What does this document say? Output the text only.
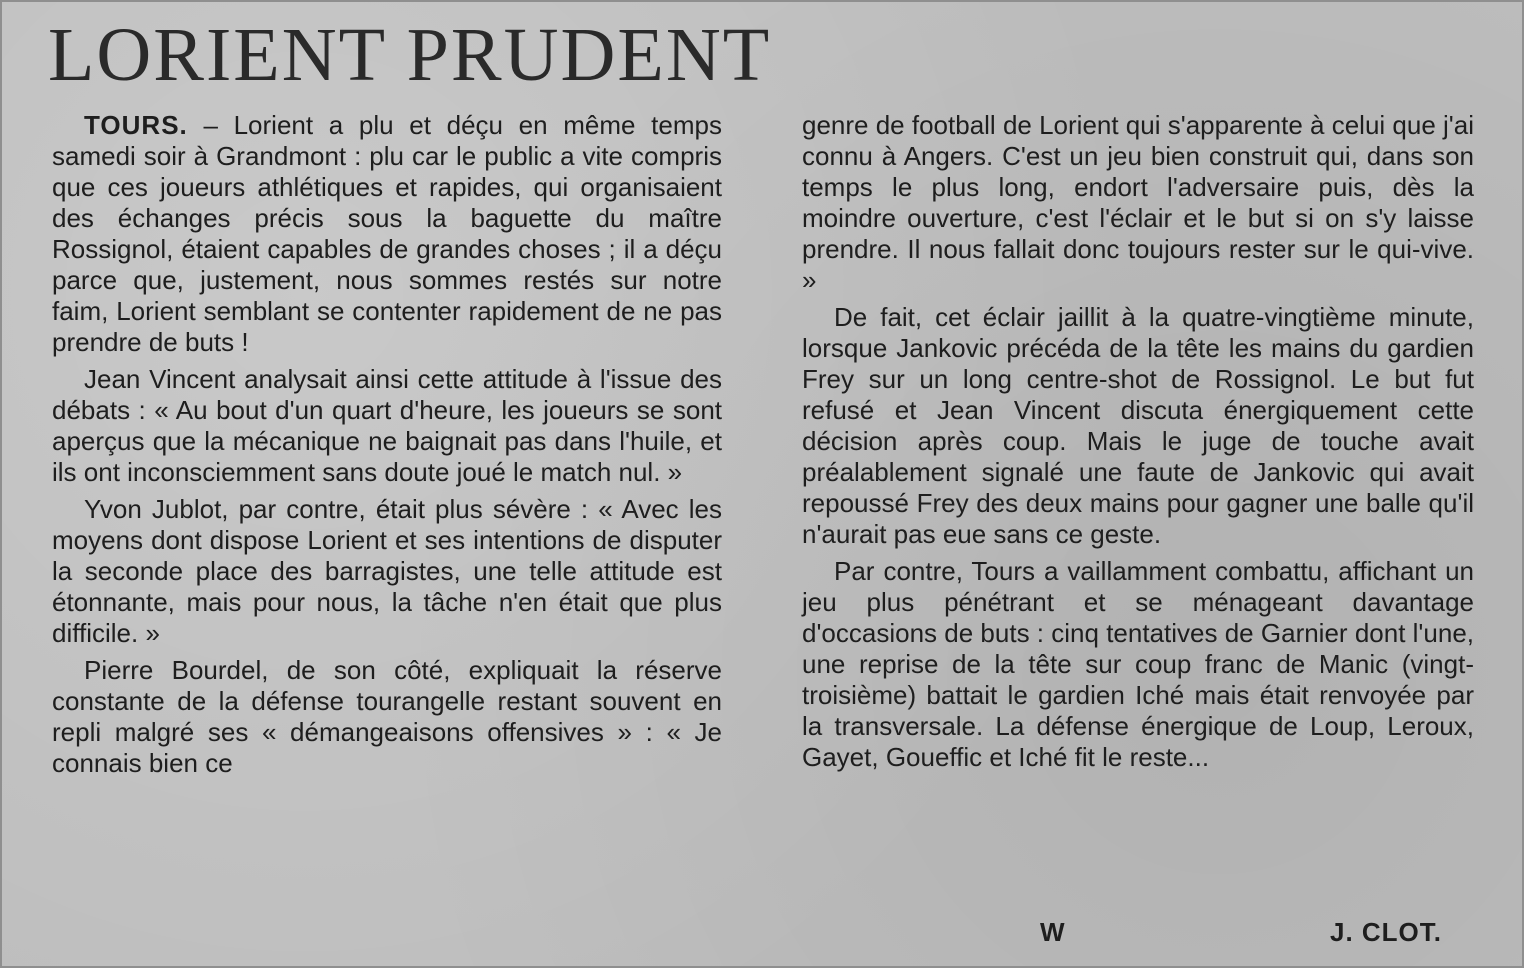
LORIENT PRUDENT

TOURS. – Lorient a plu et déçu en même temps samedi soir à Grandmont : plu car le public a vite compris que ces joueurs athlétiques et rapides, qui organisaient des échanges précis sous la baguette du maître Rossignol, étaient capables de grandes choses ; il a déçu parce que, justement, nous sommes restés sur notre faim, Lorient semblant se contenter rapidement de ne pas prendre de buts !

Jean Vincent analysait ainsi cette attitude à l'issue des débats : « Au bout d'un quart d'heure, les joueurs se sont aperçus que la mécanique ne baignait pas dans l'huile, et ils ont inconsciemment sans doute joué le match nul. »

Yvon Jublot, par contre, était plus sévère : « Avec les moyens dont dispose Lorient et ses intentions de disputer la seconde place des barragistes, une telle attitude est étonnante, mais pour nous, la tâche n'en était que plus difficile. »

Pierre Bourdel, de son côté, expliquait la réserve constante de la défense tourangelle restant souvent en repli malgré ses « démangeaisons offensives » : « Je connais bien ce

genre de football de Lorient qui s'apparente à celui que j'ai connu à Angers. C'est un jeu bien construit qui, dans son temps le plus long, endort l'adversaire puis, dès la moindre ouverture, c'est l'éclair et le but si on s'y laisse prendre. Il nous fallait donc toujours rester sur le qui-vive. »

De fait, cet éclair jaillit à la quatre-vingtième minute, lorsque Jankovic précéda de la tête les mains du gardien Frey sur un long centre-shot de Rossignol. Le but fut refusé et Jean Vincent discuta énergiquement cette décision après coup. Mais le juge de touche avait préalablement signalé une faute de Jankovic qui avait repoussé Frey des deux mains pour gagner une balle qu'il n'aurait pas eue sans ce geste.

Par contre, Tours a vaillamment combattu, affichant un jeu plus pénétrant et se ménageant davantage d'occasions de buts : cinq tentatives de Garnier dont l'une, une reprise de la tête sur coup franc de Manic (vingt-troisième) battait le gardien Iché mais était renvoyée par la transversale. La défense énergique de Loup, Leroux, Gayet, Goueffic et Iché fit le reste...

W	J. CLOT.
